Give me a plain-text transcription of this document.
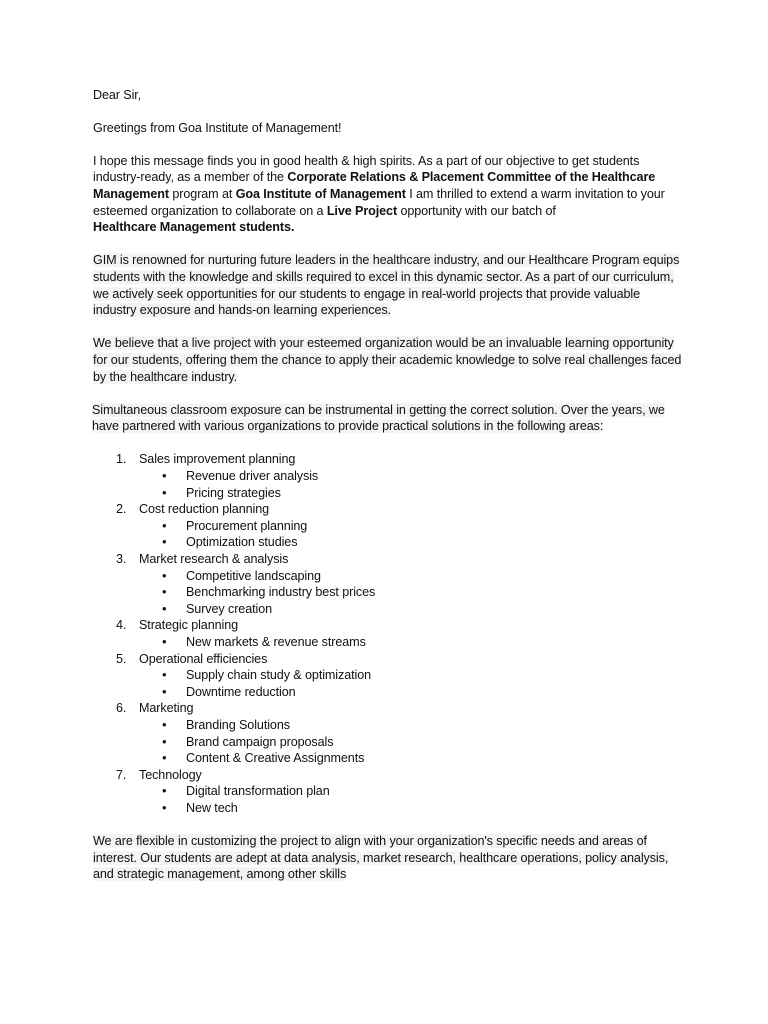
Dear Sir,

Greetings from Goa Institute of Management!

I hope this message finds you in good health & high spirits. As a part of our objective to get students industry-ready, as a member of the Corporate Relations & Placement Committee of the Healthcare Management program at Goa Institute of Management I am thrilled to extend a warm invitation to your esteemed organization to collaborate on a Live Project opportunity with our batch of
Healthcare Management students.

GIM is renowned for nurturing future leaders in the healthcare industry, and our Healthcare Program equips students with the knowledge and skills required to excel in this dynamic sector. As a part of our curriculum, we actively seek opportunities for our students to engage in real-world projects that provide valuable industry exposure and hands-on learning experiences.

We believe that a live project with your esteemed organization would be an invaluable learning opportunity for our students, offering them the chance to apply their academic knowledge to solve real challenges faced by the healthcare industry.

Simultaneous classroom exposure can be instrumental in getting the correct solution. Over the years, we have partnered with various organizations to provide practical solutions in the following areas:

1. Sales improvement planning
• Revenue driver analysis
• Pricing strategies
2. Cost reduction planning
• Procurement planning
• Optimization studies
3. Market research & analysis
• Competitive landscaping
• Benchmarking industry best prices
• Survey creation
4. Strategic planning
• New markets & revenue streams
5. Operational efficiencies
• Supply chain study & optimization
• Downtime reduction
6. Marketing
• Branding Solutions
• Brand campaign proposals
• Content & Creative Assignments
7. Technology
• Digital transformation plan
• New tech

We are flexible in customizing the project to align with your organization's specific needs and areas of interest. Our students are adept at data analysis, market research, healthcare operations, policy analysis, and strategic management, among other skills
